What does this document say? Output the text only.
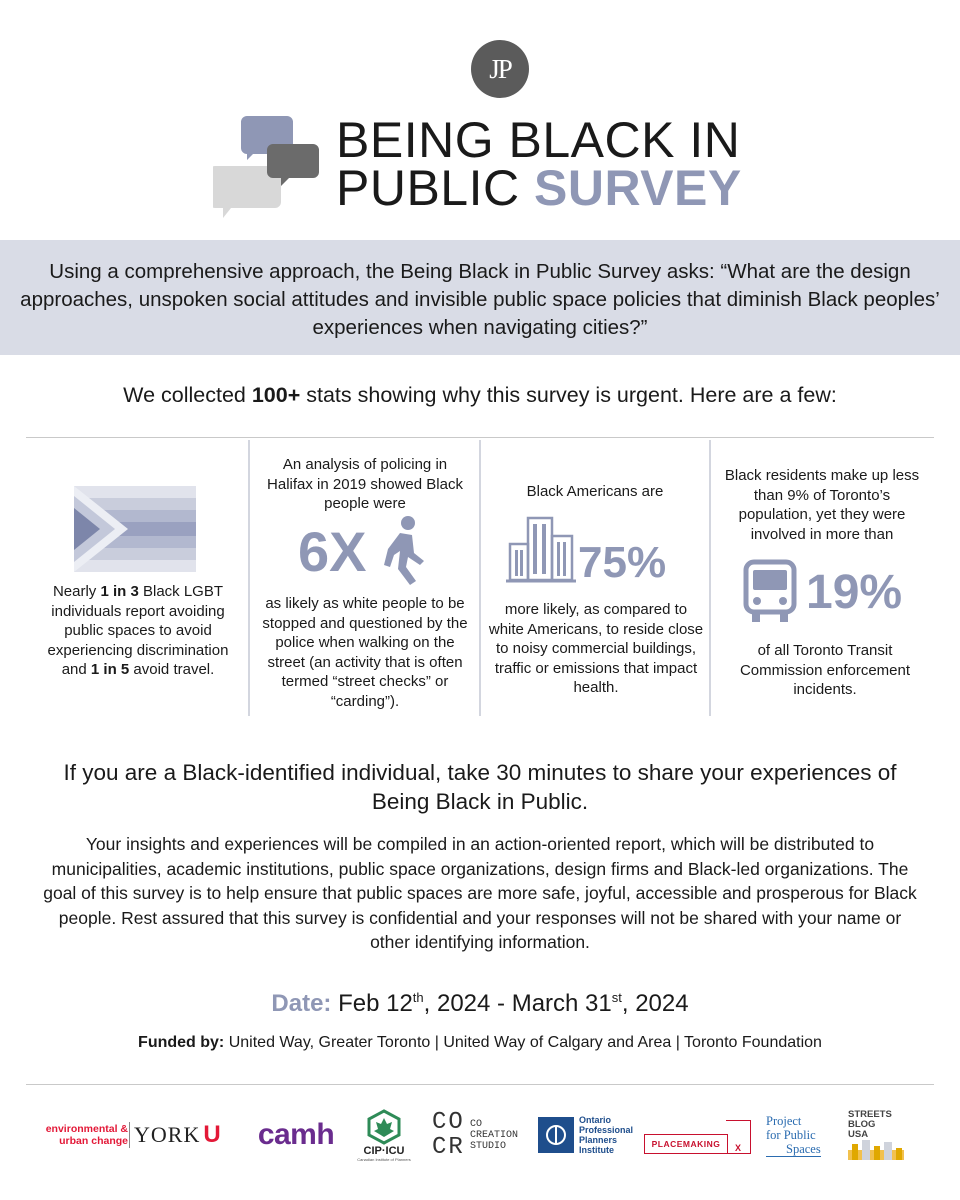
JP
BEING BLACK IN
PUBLIC SURVEY
Using a comprehensive approach, the Being Black in Public Survey asks: “What are the design approaches, unspoken social attitudes and invisible public space policies that diminish Black peoples’ experiences when navigating cities?”
We collected 100+ stats showing why this survey is urgent. Here are a few:
Nearly 1 in 3 Black LGBT individuals report avoiding public spaces to avoid experiencing discrimination and 1 in 5 avoid travel.
An analysis of policing in Halifax in 2019 showed Black people were
6X
as likely as white people to be stopped and questioned by the police when walking on the street (an activity that is often termed “street checks” or “carding”).
Black Americans are
75%
more likely, as compared to white Americans, to reside close to noisy commercial buildings, traffic or emissions that impact health.
Black residents make up less than 9% of Toronto’s population, yet they were involved in more than
19%
of all Toronto Transit Commission enforcement incidents.
If you are a Black-identified individual, take 30 minutes to share your experiences of Being Black in Public.
Your insights and experiences will be compiled in an action-oriented report, which will be distributed to municipalities, academic institutions, public space organizations, design firms and Black-led organizations. The goal of this survey is to help ensure that public spaces are more safe, joyful, accessible and prosperous for Black people. Rest assured that this survey is confidential and your responses will not be shared with your name or other identifying information.
Date: Feb 12th, 2024 - March 31st, 2024
Funded by: United Way, Greater Toronto | United Way of Calgary and Area | Toronto Foundation
environmental &
urban change YORK U camh	CIP·ICU
Canadian Institute of Planners
CO CR
CO
CREATION
STUDIO
Ontario
Professional
Planners
Institute
PLACEMAKING	X
Project
for Public
Spaces
STREETS
BLOG
USA
